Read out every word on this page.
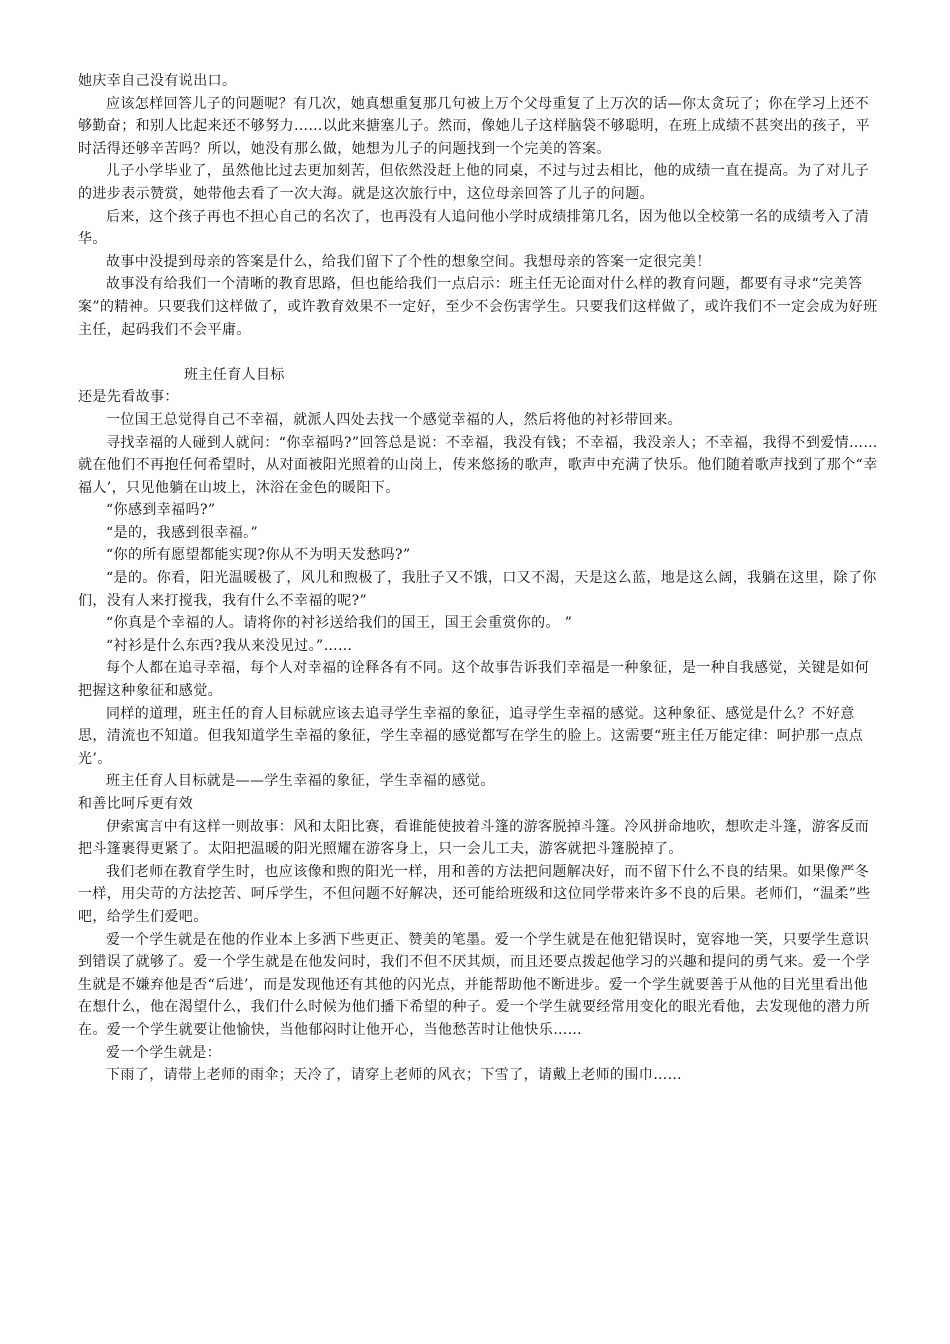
她庆幸自己没有说出口。

应该怎样回答儿子的问题呢？有几次，她真想重复那几句被上万个父母重复了上万次的话—你太贪玩了；你在学习上还不够勤奋；和别人比起来还不够努力……以此来搪塞儿子。然而，像她儿子这样脑袋不够聪明，在班上成绩不甚突出的孩子，平时活得还够辛苦吗？所以，她没有那么做，她想为儿子的问题找到一个完美的答案。

儿子小学毕业了，虽然他比过去更加刻苦，但依然没赶上他的同桌，不过与过去相比，他的成绩一直在提高。为了对儿子的进步表示赞赏，她带他去看了一次大海。就是这次旅行中，这位母亲回答了儿子的问题。

后来，这个孩子再也不担心自己的名次了，也再没有人追问他小学时成绩排第几名，因为他以全校第一名的成绩考入了清华。

故事中没提到母亲的答案是什么，给我们留下了个性的想象空间。我想母亲的答案一定很完美！

故事没有给我们一个清晰的教育思路，但也能给我们一点启示：班主任无论面对什么样的教育问题，都要有寻求“完美答案”的精神。只要我们这样做了，或许教育效果不一定好，至少不会伤害学生。只要我们这样做了，或许我们不一定会成为好班主任，起码我们不会平庸。

班主任育人目标

还是先看故事：

一位国王总觉得自己不幸福，就派人四处去找一个感觉幸福的人，然后将他的衬衫带回来。

寻找幸福的人碰到人就问：“你幸福吗?”回答总是说：不幸福，我没有钱；不幸福，我没亲人；不幸福，我得不到爱情……就在他们不再抱任何希望时，从对面被阳光照着的山岗上，传来悠扬的歌声，歌声中充满了快乐。他们随着歌声找到了那个“幸福人’，只见他躺在山坡上，沐浴在金色的暖阳下。

“你感到幸福吗?”

“是的，我感到很幸福。”

“你的所有愿望都能实现?你从不为明天发愁吗?”

“是的。你看，阳光温暖极了，风儿和煦极了，我肚子又不饿，口又不渴，天是这么蓝，地是这么阔，我躺在这里，除了你们，没有人来打搅我，我有什么不幸福的呢?”

“你真是个幸福的人。请将你的衬衫送给我们的国王，国王会重赏你的。 ”

“衬衫是什么东西?我从来没见过。”……

每个人都在追寻幸福，每个人对幸福的诠释各有不同。这个故事告诉我们幸福是一种象征，是一种自我感觉，关键是如何把握这种象征和感觉。

同样的道理，班主任的育人目标就应该去追寻学生幸福的象征，追寻学生幸福的感觉。这种象征、感觉是什么？不好意思，清流也不知道。但我知道学生幸福的象征，学生幸福的感觉都写在学生的脸上。这需要“班主任万能定律：呵护那一点点光’。

班主任育人目标就是——学生幸福的象征，学生幸福的感觉。

和善比呵斥更有效

伊索寓言中有这样一则故事：风和太阳比赛，看谁能使披着斗篷的游客脱掉斗篷。冷风拼命地吹，想吹走斗篷，游客反而把斗篷裹得更紧了。太阳把温暖的阳光照耀在游客身上，只一会儿工夫，游客就把斗篷脱掉了。

我们老师在教育学生时，也应该像和煦的阳光一样，用和善的方法把问题解决好，而不留下什么不良的结果。如果像严冬一样，用尖苛的方法挖苦、呵斥学生，不但问题不好解决，还可能给班级和这位同学带来许多不良的后果。老师们，“温柔”些吧，给学生们爱吧。

爱一个学生就是在他的作业本上多洒下些更正、赞美的笔墨。爱一个学生就是在他犯错误时，宽容地一笑，只要学生意识到错误了就够了。爱一个学生就是在他发问时，我们不但不厌其烦，而且还要点拨起他学习的兴趣和提问的勇气来。爱一个学生就是不嫌弃他是否“后进’，而是发现他还有其他的闪光点，并能帮助他不断进步。爱一个学生就要善于从他的目光里看出他在想什么，他在渴望什么，我们什么时候为他们播下希望的种子。爱一个学生就要经常用变化的眼光看他，去发现他的潜力所在。爱一个学生就要让他愉快，当他郁闷时让他开心，当他愁苦时让他快乐……

爱一个学生就是：

下雨了，请带上老师的雨伞；天冷了，请穿上老师的风衣；下雪了，请戴上老师的围巾……
